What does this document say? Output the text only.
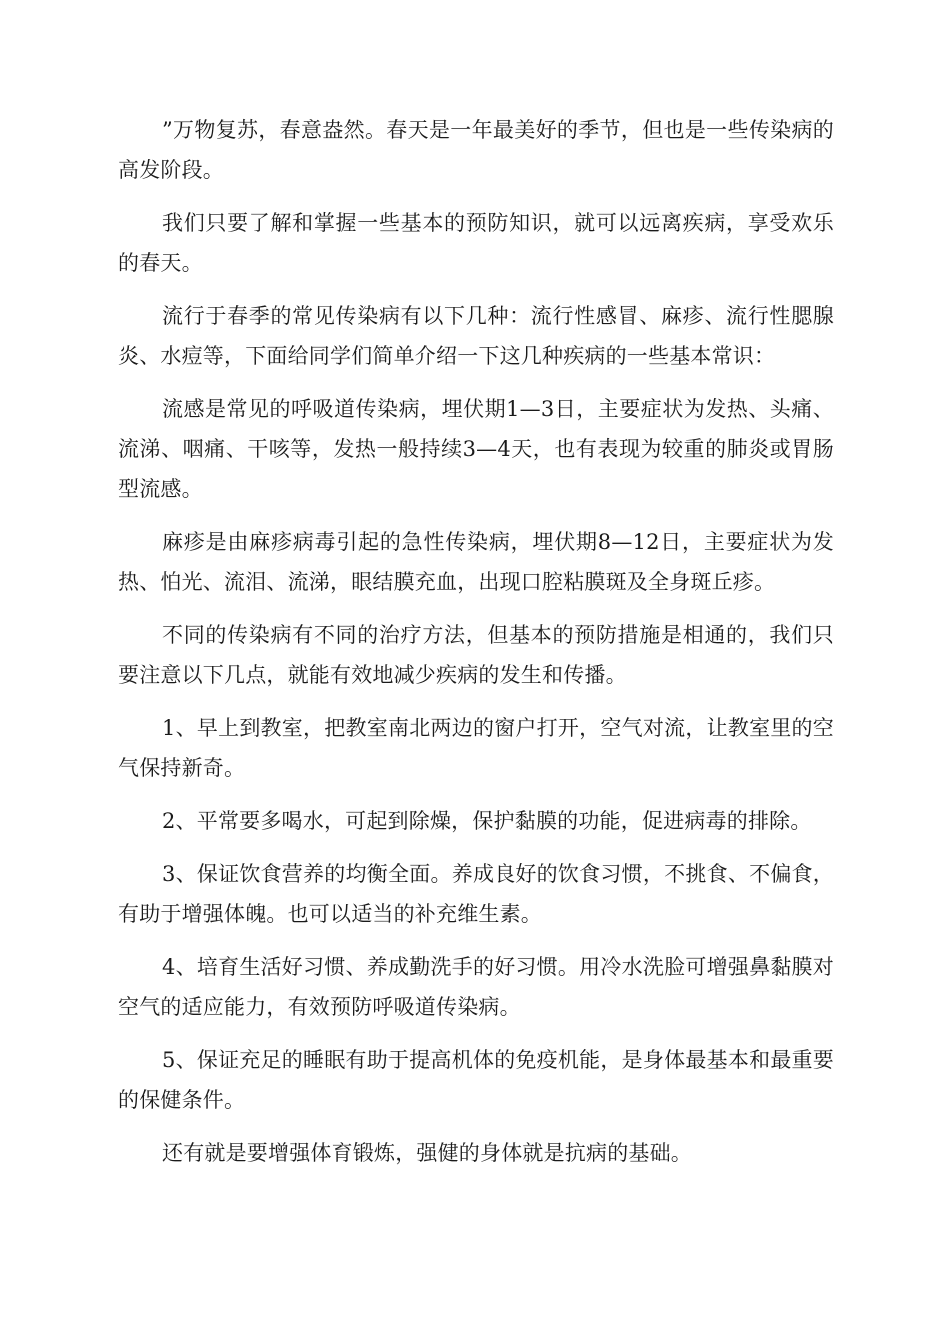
”万物复苏，春意盎然。春天是一年最美好的季节，但也是一些传染病的高发阶段。

我们只要了解和掌握一些基本的预防知识，就可以远离疾病，享受欢乐的春天。

流行于春季的常见传染病有以下几种：流行性感冒、麻疹、流行性腮腺炎、水痘等，下面给同学们简单介绍一下这几种疾病的一些基本常识：

流感是常见的呼吸道传染病，埋伏期1—3日，主要症状为发热、头痛、流涕、咽痛、干咳等，发热一般持续3—4天，也有表现为较重的肺炎或胃肠型流感。

麻疹是由麻疹病毒引起的急性传染病，埋伏期8—12日，主要症状为发热、怕光、流泪、流涕，眼结膜充血，出现口腔粘膜斑及全身斑丘疹。

不同的传染病有不同的治疗方法，但基本的预防措施是相通的，我们只要注意以下几点，就能有效地减少疾病的发生和传播。

1、早上到教室，把教室南北两边的窗户打开，空气对流，让教室里的空气保持新奇。

2、平常要多喝水，可起到除燥，保护黏膜的功能，促进病毒的排除。

3、保证饮食营养的均衡全面。养成良好的饮食习惯，不挑食、不偏食，有助于增强体魄。也可以适当的补充维生素。

4、培育生活好习惯、养成勤洗手的好习惯。用冷水洗脸可增强鼻黏膜对空气的适应能力，有效预防呼吸道传染病。

5、保证充足的睡眠有助于提高机体的免疫机能，是身体最基本和最重要的保健条件。

还有就是要增强体育锻炼，强健的身体就是抗病的基础。
